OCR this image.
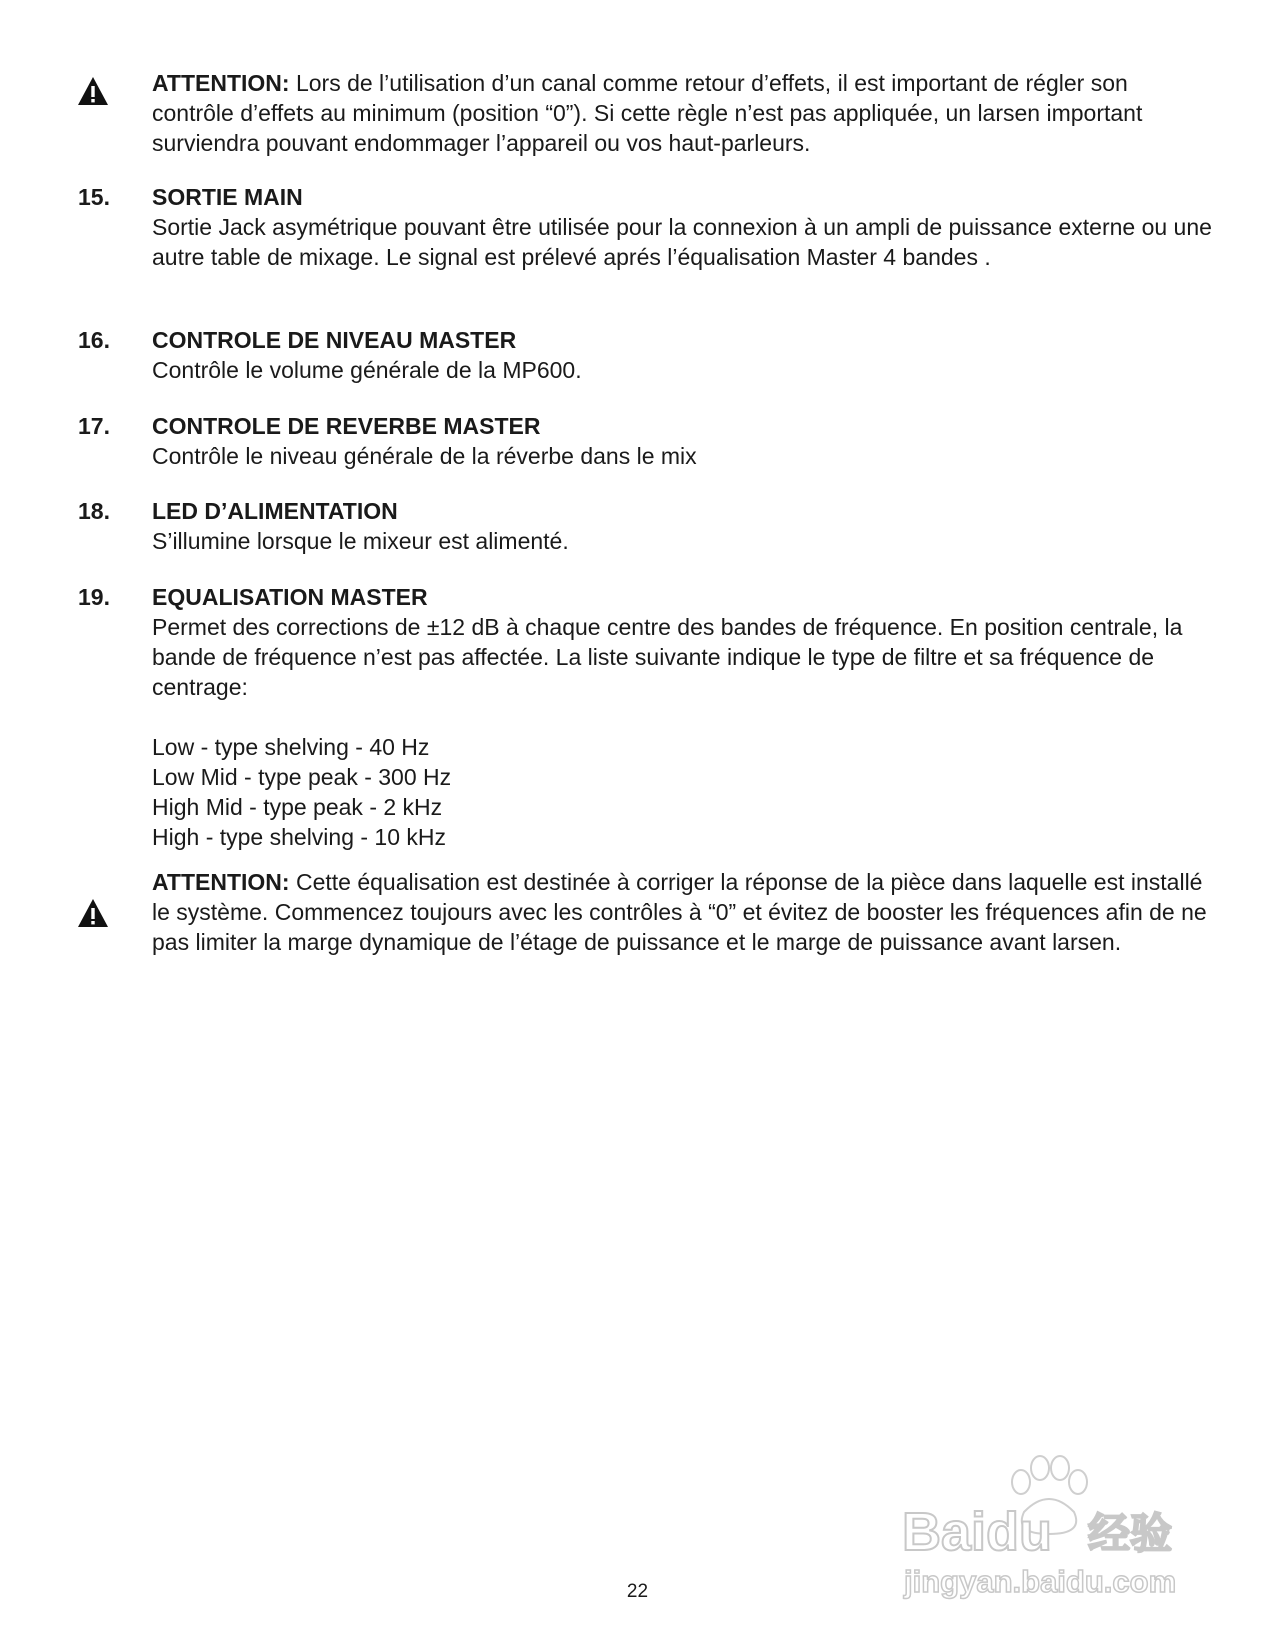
ATTENTION: Lors de l’utilisation d’un canal comme retour d’effets, il est important de régler son contrôle d’effets au minimum (position “0”). Si cette règle n’est pas appliquée, un larsen important surviendra pouvant endommager l’appareil ou vos haut-parleurs.

15. SORTIE MAIN

Sortie Jack asymétrique pouvant être utilisée pour la connexion à un ampli de puissance externe ou une autre table de mixage. Le signal est prélevé aprés l’équalisation Master 4 bandes .

16. CONTROLE DE NIVEAU MASTER

Contrôle le volume générale de la MP600.

17. CONTROLE DE REVERBE MASTER

Contrôle le niveau générale de la réverbe dans le mix

18. LED D’ALIMENTATION

S’illumine lorsque le mixeur est alimenté.

19. EQUALISATION MASTER

Permet des corrections de ±12 dB à chaque centre des bandes de fréquence. En position centrale, la bande de fréquence n’est pas affectée. La liste suivante indique le type de filtre et sa fréquence de centrage:

Low - type shelving - 40 Hz
Low Mid - type peak - 300 Hz
High Mid - type peak - 2 kHz
High - type shelving - 10 kHz

ATTENTION: Cette équalisation est destinée à corriger la réponse de la pièce dans laquelle est installé le système. Commencez toujours avec les contrôles à “0” et évitez de booster les fréquences afin de ne pas limiter la marge dynamique de l’étage de puissance et le marge de puissance avant larsen.

Baidu 经验
jingyan.baidu.com
22
